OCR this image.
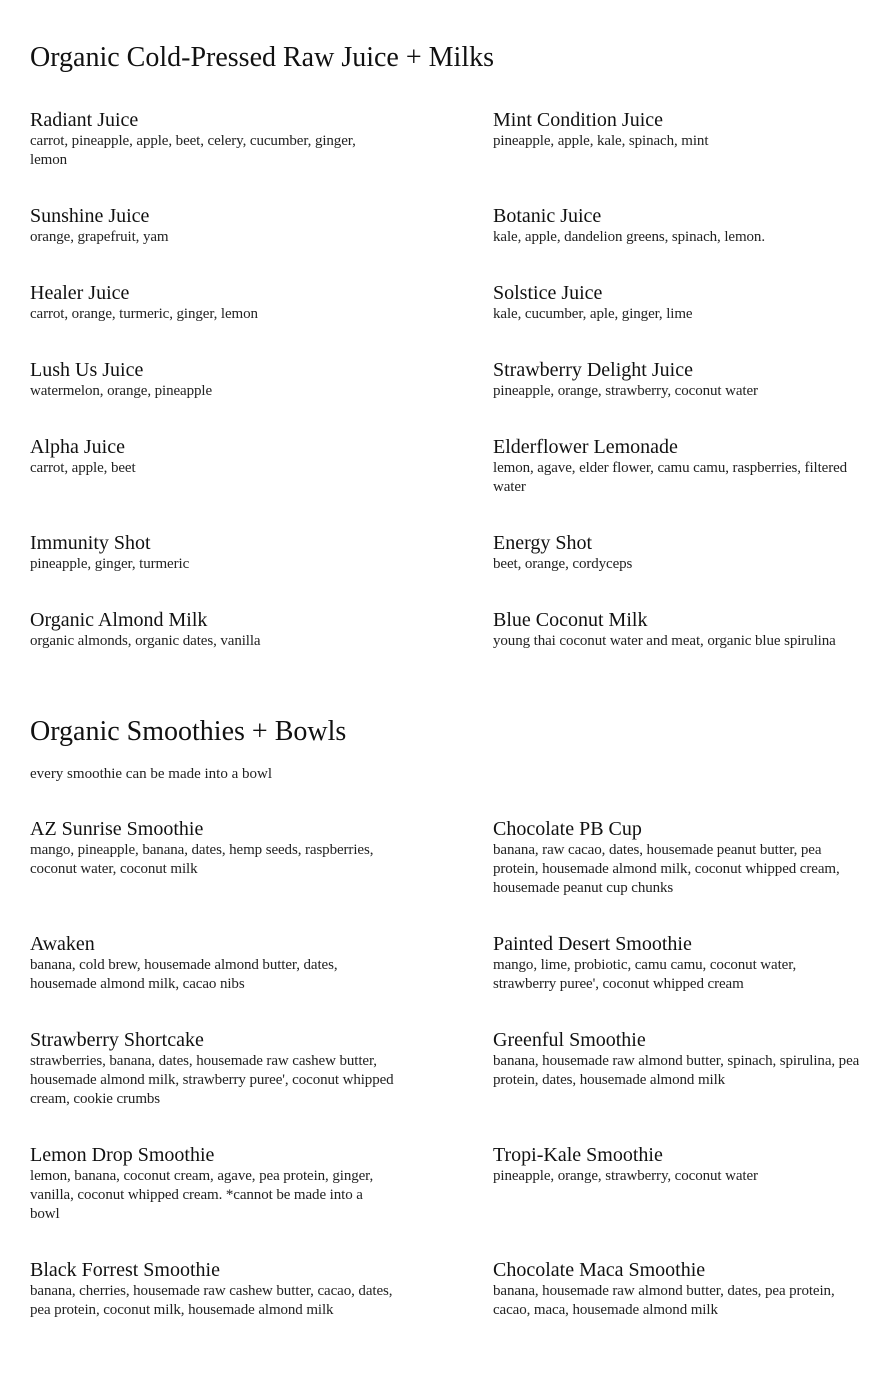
Organic Cold-Pressed Raw Juice + Milks
Radiant Juice
carrot, pineapple, apple, beet, celery, cucumber, ginger, lemon
Mint Condition Juice
pineapple, apple, kale, spinach, mint
Sunshine Juice
orange, grapefruit, yam
Botanic Juice
kale, apple, dandelion greens, spinach, lemon.
Healer Juice
carrot, orange, turmeric, ginger, lemon
Solstice Juice
kale, cucumber, aple, ginger, lime
Lush Us Juice
watermelon, orange, pineapple
Strawberry Delight Juice
pineapple, orange, strawberry, coconut water
Alpha Juice
carrot, apple, beet
Elderflower Lemonade
lemon, agave, elder flower, camu camu, raspberries, filtered water
Immunity Shot
pineapple, ginger, turmeric
Energy Shot
beet, orange, cordyceps
Organic Almond Milk
organic almonds, organic dates, vanilla
Blue Coconut Milk
young thai coconut water and meat, organic blue spirulina
Organic Smoothies + Bowls
every smoothie can be made into a bowl
AZ Sunrise Smoothie
mango, pineapple, banana, dates, hemp seeds, raspberries, coconut water, coconut milk
Chocolate PB Cup
banana, raw cacao, dates, housemade peanut butter, pea protein, housemade almond milk, coconut whipped cream, housemade peanut cup chunks
Awaken
banana, cold brew, housemade almond butter, dates, housemade almond milk, cacao nibs
Painted Desert Smoothie
mango, lime, probiotic, camu camu, coconut water, strawberry puree', coconut whipped cream
Strawberry Shortcake
strawberries, banana, dates, housemade raw cashew butter, housemade almond milk, strawberry puree', coconut whipped cream, cookie crumbs
Greenful Smoothie
banana, housemade raw almond butter, spinach, spirulina, pea protein, dates, housemade almond milk
Lemon Drop Smoothie
lemon, banana, coconut cream, agave, pea protein, ginger, vanilla, coconut whipped cream. *cannot be made into a bowl
Tropi-Kale Smoothie
pineapple, orange, strawberry, coconut water
Black Forrest Smoothie
banana, cherries, housemade raw cashew butter, cacao, dates, pea protein, coconut milk, housemade almond milk
Chocolate Maca Smoothie
banana, housemade raw almond butter, dates, pea protein, cacao, maca, housemade almond milk
